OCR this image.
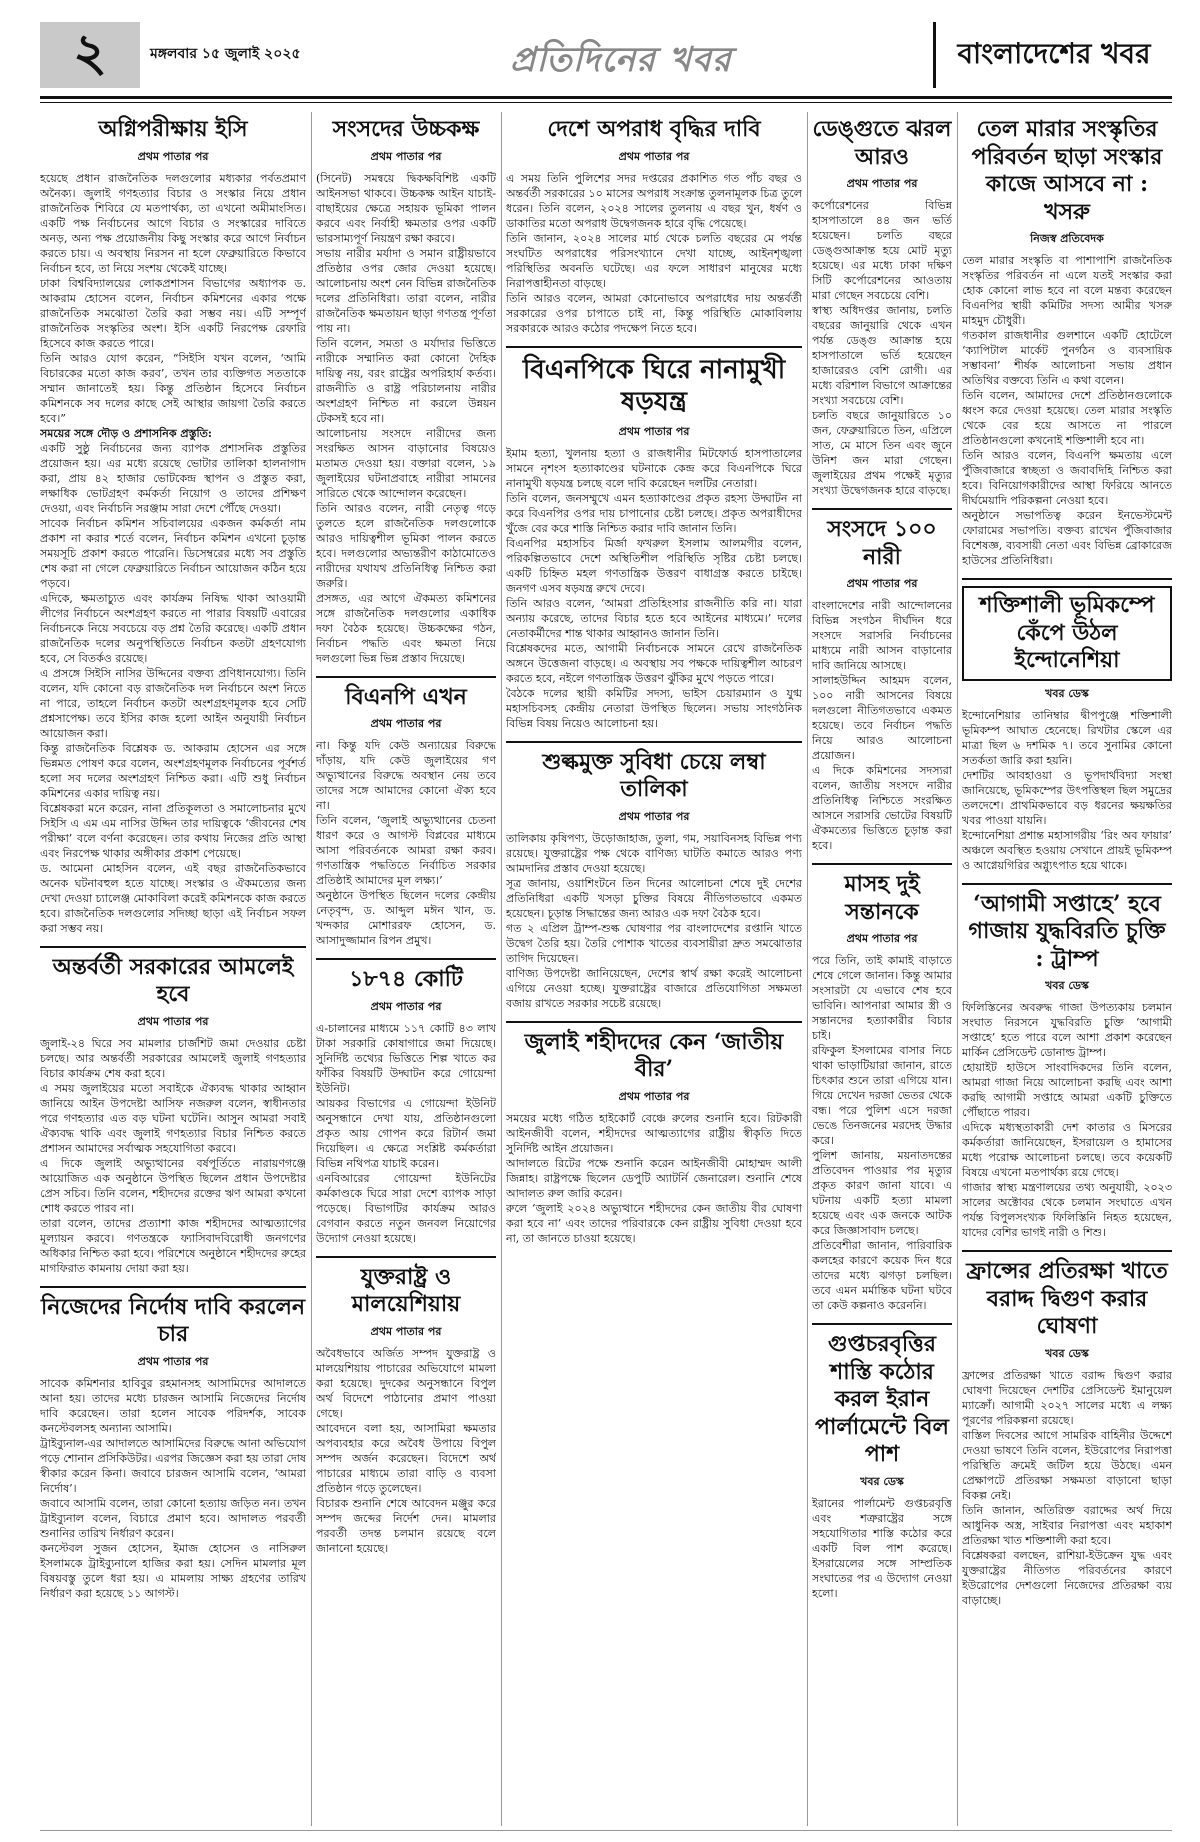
২	মঙ্গলবার ১৫ জুলাই ২০২৫	প্রতিদিনের খবর	বাংলাদেশের খবর
অগ্নিপরীক্ষায় ইসি
প্রথম পাতার পর

হয়েছে প্রধান রাজনৈতিক দলগুলোর মধ্যকার পর্বতপ্রমাণ অনৈক্য। জুলাই গণহত্যার বিচার ও সংস্কার নিয়ে প্রধান রাজনৈতিক শিবিরে যে মতপার্থক্য, তা এখনো অমীমাংসিত। একটি পক্ষ নির্বাচনের আগে বিচার ও সংস্কারের দাবিতে অনড়, অন্য পক্ষ প্রয়োজনীয় কিছু সংস্কার করে আগে নির্বাচন করতে চায়। এ অবস্থায় নিরসন না হলে ফেব্রুয়ারিতে কিভাবে নির্বাচন হবে, তা নিয়ে সংশয় থেকেই যাচ্ছে।

ঢাকা বিশ্ববিদ্যালয়ের লোকপ্রশাসন বিভাগের অধ্যাপক ড. আকরাম হোসেন বলেন, নির্বাচন কমিশনের একার পক্ষে রাজনৈতিক সমঝোতা তৈরি করা সম্ভব নয়। এটি সম্পূর্ণ রাজনৈতিক সংস্কৃতির অংশ। ইসি একটি নিরপেক্ষ রেফারি হিসেবে কাজ করতে পারে।

তিনি আরও যোগ করেন, “সিইসি যখন বলেন, ‘আমি বিচারকের মতো কাজ করব’, তখন তার ব্যক্তিগত সততাকে সম্মান জানাতেই হয়। কিন্তু প্রতিষ্ঠান হিসেবে নির্বাচন কমিশনকে সব দলের কাছে সেই আস্থার জায়গা তৈরি করতে হবে।”

সময়ের সঙ্গে দৌড় ও প্রশাসনিক প্রস্তুতি:

একটি সুষ্ঠু নির্বাচনের জন্য ব্যাপক প্রশাসনিক প্রস্তুতির প্রয়োজন হয়। এর মধ্যে রয়েছে ভোটার তালিকা হালনাগাদ করা, প্রায় ৪২ হাজার ভোটকেন্দ্র স্থাপন ও প্রস্তুত করা, লক্ষাধিক ভোটগ্রহণ কর্মকর্তা নিয়োগ ও তাদের প্রশিক্ষণ দেওয়া, এবং নির্বাচনি সরঞ্জাম সারা দেশে পৌঁছে দেওয়া।

সাবেক নির্বাচন কমিশন সচিবালয়ের একজন কর্মকর্তা নাম প্রকাশ না করার শর্তে বলেন, নির্বাচন কমিশন এখনো চূড়ান্ত সময়সূচি প্রকাশ করতে পারেনি। ডিসেম্বরের মধ্যে সব প্রস্তুতি শেষ করা না গেলে ফেব্রুয়ারিতে নির্বাচন আয়োজন কঠিন হয়ে পড়বে।

এদিকে, ক্ষমতাচ্যুত এবং কার্যক্রম নিষিদ্ধ থাকা আওয়ামী লীগের নির্বাচনে অংশগ্রহণ করতে না পারার বিষয়টি এবারের নির্বাচনকে নিয়ে সবচেয়ে বড় প্রশ্ন তৈরি করেছে। একটি প্রধান রাজনৈতিক দলের অনুপস্থিতিতে নির্বাচন কতটা গ্রহণযোগ্য হবে, সে বিতর্কও রয়েছে।

এ প্রসঙ্গে সিইসি নাসির উদ্দিনের বক্তব্য প্রণিধানযোগ্য। তিনি বলেন, যদি কোনো বড় রাজনৈতিক দল নির্বাচনে অংশ নিতে না পারে, তাহলে নির্বাচন কতটা অংশগ্রহণমূলক হবে সেটি প্রশ্নসাপেক্ষ। তবে ইসির কাজ হলো আইন অনুযায়ী নির্বাচন আয়োজন করা।

কিন্তু রাজনৈতিক বিশ্লেষক ড. আকরাম হোসেন এর সঙ্গে ভিন্নমত পোষণ করে বলেন, অংশগ্রহণমূলক নির্বাচনের পূর্বশর্ত হলো সব দলের অংশগ্রহণ নিশ্চিত করা। এটি শুধু নির্বাচন কমিশনের একার দায়িত্ব নয়।

বিশ্লেষকরা মনে করেন, নানা প্রতিকূলতা ও সমালোচনার মুখে সিইসি এ এম এম নাসির উদ্দিন তার দায়িত্বকে ‘জীবনের শেষ পরীক্ষা’ বলে বর্ণনা করেছেন। তার কথায় নিজের প্রতি আস্থা এবং নিরপেক্ষ থাকার অঙ্গীকার প্রকাশ পেয়েছে।

ড. আমেনা মোহসিন বলেন, এই বছর রাজনৈতিকভাবে অনেক ঘটনাবহুল হতে যাচ্ছে। সংস্কার ও ঐকমত্যের জন্য দেখা দেওয়া চ্যালেঞ্জ মোকাবিলা করেই কমিশনকে কাজ করতে হবে। রাজনৈতিক দলগুলোর সদিচ্ছা ছাড়া এই নির্বাচন সফল করা সম্ভব নয়।

অন্তর্বর্তী সরকারের আমলেই হবে
প্রথম পাতার পর

জুলাই-২৪ ঘিরে সব মামলার চার্জশিট জমা দেওয়ার চেষ্টা চলছে। আর অন্তর্বর্তী সরকারের আমলেই জুলাই গণহত্যার বিচার কার্যক্রম শেষ করা হবে।

এ সময় জুলাইয়ের মতো সবাইকে ঐক্যবদ্ধ থাকার আহ্বান জানিয়ে আইন উপদেষ্টা আসিফ নজরুল বলেন, স্বাধীনতার পরে গণহত্যার এত বড় ঘটনা ঘটেনি। আসুন আমরা সবাই ঐক্যবদ্ধ থাকি এবং জুলাই গণহত্যার বিচার নিশ্চিত করতে প্রশাসন আমাদের সর্বাত্মক সহযোগিতা করবে।

এ দিকে জুলাই অভ্যুত্থানের বর্ষপূর্তিতে নারায়ণগঞ্জে আয়োজিত এক অনুষ্ঠানে উপস্থিত ছিলেন প্রধান উপদেষ্টার প্রেস সচিব। তিনি বলেন, শহীদদের রক্তের ঋণ আমরা কখনো শোধ করতে পারব না।

তারা বলেন, তাদের প্রত্যাশা কাজ শহীদদের আত্মত্যাগের মূল্যায়ন করবে। গণতন্ত্রকে ফ্যাসিবাদবিরোধী জনগণের অধিকার নিশ্চিত করা হবে। পরিশেষে অনুষ্ঠানে শহীদদের রুহের মাগফিরাত কামনায় দোয়া করা হয়।

নিজেদের নির্দোষ দাবি করলেন চার
প্রথম পাতার পর

সাবেক কমিশনার হাবিবুর রহমানসহ আসামিদের আদালতে আনা হয়। তাদের মধ্যে চারজন আসামি নিজেদের নির্দোষ দাবি করেছেন। তারা হলেন সাবেক পরিদর্শক, সাবেক কনস্টেবলসহ অন্যান্য আসামি।

ট্রাইব্যুনাল-এর আদালতে আসামিদের বিরুদ্ধে আনা অভিযোগ পড়ে শোনান প্রসিকিউটর। এরপর জিজ্ঞেস করা হয় তারা দোষ স্বীকার করেন কিনা। জবাবে চারজন আসামি বলেন, ‘আমরা নির্দোষ’।

জবাবে আসামি বলেন, তারা কোনো হত্যায় জড়িত নন। তখন ট্রাইব্যুনাল বলেন, বিচারে প্রমাণ হবে। আদালত পরবর্তী শুনানির তারিখ নির্ধারণ করেন।

কনস্টেবল সুজন হোসেন, ইমাজ হোসেন ও নাসিরুল ইসলামকে ট্রাইব্যুনালে হাজির করা হয়। সেদিন মামলার মূল বিষয়বস্তু তুলে ধরা হয়। এ মামলায় সাক্ষ্য গ্রহণের তারিখ নির্ধারণ করা হয়েছে ১১ আগস্ট।

সংসদের উচ্চকক্ষ
প্রথম পাতার পর

(সিনেট) সমন্বয়ে দ্বিকক্ষবিশিষ্ট একটি আইনসভা থাকবে। উচ্চকক্ষ আইন যাচাই-বাছাইয়ের ক্ষেত্রে সহায়ক ভূমিকা পালন করবে এবং নির্বাহী ক্ষমতার ওপর একটি ভারসাম্যপূর্ণ নিয়ন্ত্রণ রক্ষা করবে।

সভায় নারীর মর্যাদা ও সমান রাষ্ট্রীয়ভাবে প্রতিষ্ঠার ওপর জোর দেওয়া হয়েছে। আলোচনায় অংশ নেন বিভিন্ন রাজনৈতিক দলের প্রতিনিধিরা। তারা বলেন, নারীর রাজনৈতিক ক্ষমতায়ন ছাড়া গণতন্ত্র পূর্ণতা পায় না।

তিনি বলেন, সমতা ও মর্যাদার ভিত্তিতে নারীকে সম্মানিত করা কোনো দৈহিক দায়িত্ব নয়, বরং রাষ্ট্রের অপরিহার্য কর্তব্য। রাজনীতি ও রাষ্ট্র পরিচালনায় নারীর অংশগ্রহণ নিশ্চিত না করলে উন্নয়ন টেকসই হবে না।

আলোচনায় সংসদে নারীদের জন্য সংরক্ষিত আসন বাড়ানোর বিষয়েও মতামত দেওয়া হয়। বক্তারা বলেন, ১৯ জুলাইয়ের ঘটনাপ্রবাহে নারীরা সামনের সারিতে থেকে আন্দোলন করেছেন।

তিনি আরও বলেন, নারী নেতৃত্ব গড়ে তুলতে হলে রাজনৈতিক দলগুলোকে আরও দায়িত্বশীল ভূমিকা পালন করতে হবে। দলগুলোর অভ্যন্তরীণ কাঠামোতেও নারীদের যথাযথ প্রতিনিধিত্ব নিশ্চিত করা জরুরি।

প্রসঙ্গত, এর আগে ঐকমত্য কমিশনের সঙ্গে রাজনৈতিক দলগুলোর একাধিক দফা বৈঠক হয়েছে। উচ্চকক্ষের গঠন, নির্বাচন পদ্ধতি এবং ক্ষমতা নিয়ে দলগুলো ভিন্ন ভিন্ন প্রস্তাব দিয়েছে।

বিএনপি এখন
প্রথম পাতার পর

না। কিন্তু যদি কেউ অন্যায়ের বিরুদ্ধে দাঁড়ায়, যদি কেউ জুলাইয়ের গণ অভ্যুত্থানের বিরুদ্ধে অবস্থান নেয় তবে তাদের সঙ্গে আমাদের কোনো ঐক্য হবে না।

তিনি বলেন, ‘জুলাই অভ্যুত্থানের চেতনা ধারণ করে ও আগস্ট বিপ্লবের মাধ্যমে আসা পরিবর্তনকে আমরা রক্ষা করব। গণতান্ত্রিক পদ্ধতিতে নির্বাচিত সরকার প্রতিষ্ঠাই আমাদের মূল লক্ষ্য।’

অনুষ্ঠানে উপস্থিত ছিলেন দলের কেন্দ্রীয় নেতৃবৃন্দ, ড. আব্দুল মঈন খান, ড. খন্দকার মোশাররফ হোসেন, ড. আসাদুজ্জামান রিপন প্রমুখ।

১৮৭৪ কোটি
প্রথম পাতার পর

এ-চালানের মাধ্যমে ১১৭ কোটি ৪৩ লাখ টাকা সরকারি কোষাগারে জমা দিয়েছে। সুনির্দিষ্ট তথ্যের ভিত্তিতে শিল্প খাতে কর ফাঁকির বিষয়টি উদ্ঘাটন করে গোয়েন্দা ইউনিট।

আয়কর বিভাগের এ গোয়েন্দা ইউনিট অনুসন্ধানে দেখা যায়, প্রতিষ্ঠানগুলো প্রকৃত আয় গোপন করে রিটার্ন জমা দিয়েছিল। এ ক্ষেত্রে সংশ্লিষ্ট কর্মকর্তারা বিভিন্ন নথিপত্র যাচাই করেন।

এনবিআরের গোয়েন্দা ইউনিটের কর্মকাণ্ডকে ঘিরে সারা দেশে ব্যাপক সাড়া পড়েছে। বিভাগটির কার্যক্রম আরও বেগবান করতে নতুন জনবল নিয়োগের উদ্যোগ নেওয়া হয়েছে।

যুক্তরাষ্ট্র ও মালয়েশিয়ায়
প্রথম পাতার পর

অবৈধভাবে অর্জিত সম্পদ যুক্তরাষ্ট্র ও মালয়েশিয়ায় পাচারের অভিযোগে মামলা করা হয়েছে। দুদকের অনুসন্ধানে বিপুল অর্থ বিদেশে পাঠানোর প্রমাণ পাওয়া গেছে।

আবেদনে বলা হয়, আসামিরা ক্ষমতার অপব্যবহার করে অবৈধ উপায়ে বিপুল সম্পদ অর্জন করেছেন। বিদেশে অর্থ পাচারের মাধ্যমে তারা বাড়ি ও ব্যবসা প্রতিষ্ঠান গড়ে তুলেছেন।

বিচারক শুনানি শেষে আবেদন মঞ্জুর করে সম্পদ জব্দের নির্দেশ দেন। মামলার পরবর্তী তদন্ত চলমান রয়েছে বলে জানানো হয়েছে।

দেশে অপরাধ বৃদ্ধির দাবি
প্রথম পাতার পর

এ সময় তিনি পুলিশের সদর দপ্তরের প্রকাশিত গত পাঁচ বছর ও অন্তর্বর্তী সরকারের ১০ মাসের অপরাধ সংক্রান্ত তুলনামূলক চিত্র তুলে ধরেন। তিনি বলেন, ২০২৪ সালের তুলনায় এ বছর খুন, ধর্ষণ ও ডাকাতির মতো অপরাধ উদ্বেগজনক হারে বৃদ্ধি পেয়েছে।

তিনি জানান, ২০২৪ সালের মার্চ থেকে চলতি বছরের মে পর্যন্ত সংঘটিত অপরাধের পরিসংখ্যানে দেখা যাচ্ছে, আইনশৃঙ্খলা পরিস্থিতির অবনতি ঘটেছে। এর ফলে সাধারণ মানুষের মধ্যে নিরাপত্তাহীনতা বাড়ছে।

তিনি আরও বলেন, আমরা কোনোভাবে অপরাধের দায় অন্তর্বর্তী সরকারের ওপর চাপাতে চাই না, কিন্তু পরিস্থিতি মোকাবিলায় সরকারকে আরও কঠোর পদক্ষেপ নিতে হবে।

বিএনপিকে ঘিরে নানামুখী ষড়যন্ত্র
প্রথম পাতার পর

ইমাম হত্যা, খুলনায় হত্যা ও রাজধানীর মিটফোর্ড হাসপাতালের সামনে নৃশংস হত্যাকাণ্ডের ঘটনাকে কেন্দ্র করে বিএনপিকে ঘিরে নানামুখী ষড়যন্ত্র চলছে বলে দাবি করেছেন দলটির নেতারা।

তিনি বলেন, জনসম্মুখে এমন হত্যাকাণ্ডের প্রকৃত রহস্য উদ্ঘাটন না করে বিএনপির ওপর দায় চাপানোর চেষ্টা চলছে। প্রকৃত অপরাধীদের খুঁজে বের করে শাস্তি নিশ্চিত করার দাবি জানান তিনি।

বিএনপির মহাসচিব মির্জা ফখরুল ইসলাম আলমগীর বলেন, পরিকল্পিতভাবে দেশে অস্থিতিশীল পরিস্থিতি সৃষ্টির চেষ্টা চলছে। একটি চিহ্নিত মহল গণতান্ত্রিক উত্তরণ বাধাগ্রস্ত করতে চাইছে। জনগণ এসব ষড়যন্ত্র রুখে দেবে।

তিনি আরও বলেন, ‘আমরা প্রতিহিংসার রাজনীতি করি না। যারা অন্যায় করেছে, তাদের বিচার হতে হবে আইনের মাধ্যমে।’ দলের নেতাকর্মীদের শান্ত থাকার আহ্বানও জানান তিনি।

বিশ্লেষকদের মতে, আগামী নির্বাচনকে সামনে রেখে রাজনৈতিক অঙ্গনে উত্তেজনা বাড়ছে। এ অবস্থায় সব পক্ষকে দায়িত্বশীল আচরণ করতে হবে, নইলে গণতান্ত্রিক উত্তরণ ঝুঁকির মুখে পড়তে পারে।

বৈঠকে দলের স্থায়ী কমিটির সদস্য, ভাইস চেয়ারম্যান ও যুগ্ম মহাসচিবসহ কেন্দ্রীয় নেতারা উপস্থিত ছিলেন। সভায় সাংগঠনিক বিভিন্ন বিষয় নিয়েও আলোচনা হয়।

শুল্কমুক্ত সুবিধা চেয়ে লম্বা তালিকা
প্রথম পাতার পর

তালিকায় কৃষিপণ্য, উড়োজাহাজ, তুলা, গম, সয়াবিনসহ বিভিন্ন পণ্য রয়েছে। যুক্তরাষ্ট্রের পক্ষ থেকে বাণিজ্য ঘাটতি কমাতে আরও পণ্য আমদানির প্রস্তাব দেওয়া হয়েছে।

সূত্র জানায়, ওয়াশিংটনে তিন দিনের আলোচনা শেষে দুই দেশের প্রতিনিধিরা একটি খসড়া চুক্তির বিষয়ে নীতিগতভাবে একমত হয়েছেন। চূড়ান্ত সিদ্ধান্তের জন্য আরও এক দফা বৈঠক হবে।

গত ২ এপ্রিল ট্রাম্প-শুল্ক ঘোষণার পর বাংলাদেশের রপ্তানি খাতে উদ্বেগ তৈরি হয়। তৈরি পোশাক খাতের ব্যবসায়ীরা দ্রুত সমঝোতার তাগিদ দিয়েছেন।

বাণিজ্য উপদেষ্টা জানিয়েছেন, দেশের স্বার্থ রক্ষা করেই আলোচনা এগিয়ে নেওয়া হচ্ছে। যুক্তরাষ্ট্রের বাজারে প্রতিযোগিতা সক্ষমতা বজায় রাখতে সরকার সচেষ্ট রয়েছে।

জুলাই শহীদদের কেন ‘জাতীয় বীর’
প্রথম পাতার পর

সময়ের মধ্যে গঠিত হাইকোর্ট বেঞ্চে রুলের শুনানি হবে। রিটকারী আইনজীবী বলেন, শহীদদের আত্মত্যাগের রাষ্ট্রীয় স্বীকৃতি দিতে সুনির্দিষ্ট আইন প্রয়োজন।

আদালতে রিটের পক্ষে শুনানি করেন আইনজীবী মোহাম্মদ আলী জিন্নাহ। রাষ্ট্রপক্ষে ছিলেন ডেপুটি অ্যাটর্নি জেনারেল। শুনানি শেষে আদালত রুল জারি করেন।

রুলে ‘জুলাই ২০২৪ অভ্যুত্থানে শহীদদের কেন জাতীয় বীর ঘোষণা করা হবে না’ এবং তাদের পরিবারকে কেন রাষ্ট্রীয় সুবিধা দেওয়া হবে না, তা জানতে চাওয়া হয়েছে।

ডেঙ্গুতে ঝরল আরও
প্রথম পাতার পর

কর্পোরেশনের বিভিন্ন হাসপাতালে ৪৪ জন ভর্তি হয়েছেন। চলতি বছরে ডেঙ্গুআক্রান্ত হয়ে মোট মৃত্যু হয়েছে। এর মধ্যে ঢাকা দক্ষিণ সিটি কর্পোরেশনের আওতায় মারা গেছেন সবচেয়ে বেশি।

স্বাস্থ্য অধিদপ্তর জানায়, চলতি বছরের জানুয়ারি থেকে এখন পর্যন্ত ডেঙ্গু আক্রান্ত হয়ে হাসপাতালে ভর্তি হয়েছেন হাজারেরও বেশি রোগী। এর মধ্যে বরিশাল বিভাগে আক্রান্তের সংখ্যা সবচেয়ে বেশি।

চলতি বছরে জানুয়ারিতে ১০ জন, ফেব্রুয়ারিতে তিন, এপ্রিলে সাত, মে মাসে তিন এবং জুনে উনিশ জন মারা গেছেন। জুলাইয়ের প্রথম পক্ষেই মৃত্যুর সংখ্যা উদ্বেগজনক হারে বাড়ছে।

সংসদে ১০০ নারী
প্রথম পাতার পর

বাংলাদেশের নারী আন্দোলনের বিভিন্ন সংগঠন দীর্ঘদিন ধরে সংসদে সরাসরি নির্বাচনের মাধ্যমে নারী আসন বাড়ানোর দাবি জানিয়ে আসছে।

সালাহউদ্দিন আহমদ বলেন, ১০০ নারী আসনের বিষয়ে দলগুলো নীতিগতভাবে একমত হয়েছে। তবে নির্বাচন পদ্ধতি নিয়ে আরও আলোচনা প্রয়োজন।

এ দিকে কমিশনের সদস্যরা বলেন, জাতীয় সংসদে নারীর প্রতিনিধিত্ব নিশ্চিতে সংরক্ষিত আসনে সরাসরি ভোটের বিষয়টি ঐকমত্যের ভিত্তিতে চূড়ান্ত করা হবে।

মাসহ দুই সন্তানকে
প্রথম পাতার পর

পরে তিনি, তাই কামাই বাড়াতে শেষে গেলে জানান। কিন্তু আমার সংসারটা যে এভাবে শেষ হবে ভাবিনি। আপনারা আমার স্ত্রী ও সন্তানদের হত্যাকারীর বিচার চাই।

রফিকুল ইসলামের বাসার নিচে থাকা ভাড়াটিয়ারা জানান, রাতে চিৎকার শুনে তারা এগিয়ে যান। গিয়ে দেখেন দরজা ভেতর থেকে বন্ধ। পরে পুলিশ এসে দরজা ভেঙে তিনজনের মরদেহ উদ্ধার করে।

পুলিশ জানায়, ময়নাতদন্তের প্রতিবেদন পাওয়ার পর মৃত্যুর প্রকৃত কারণ জানা যাবে। এ ঘটনায় একটি হত্যা মামলা হয়েছে এবং এক জনকে আটক করে জিজ্ঞাসাবাদ চলছে।

প্রতিবেশীরা জানান, পারিবারিক কলহের কারণে কয়েক দিন ধরে তাদের মধ্যে ঝগড়া চলছিল। তবে এমন মর্মান্তিক ঘটনা ঘটবে তা কেউ কল্পনাও করেননি।

গুপ্তচরবৃত্তির শাস্তি কঠোর করল ইরান পার্লামেন্টে বিল পাশ
খবর ডেস্ক

ইরানের পার্লামেন্ট গুপ্তচরবৃত্তি এবং শত্রুরাষ্ট্রের সঙ্গে সহযোগিতার শাস্তি কঠোর করে একটি বিল পাশ করেছে। ইসরায়েলের সঙ্গে সাম্প্রতিক সংঘাতের পর এ উদ্যোগ নেওয়া হলো।

তেল মারার সংস্কৃতির পরিবর্তন ছাড়া সংস্কার কাজে আসবে না : খসরু
নিজস্ব প্রতিবেদক

তেল মারার সংস্কৃতি বা পাশাপাশি রাজনৈতিক সংস্কৃতির পরিবর্তন না এলে যতই সংস্কার করা হোক কোনো লাভ হবে না বলে মন্তব্য করেছেন বিএনপির স্থায়ী কমিটির সদস্য আমীর খসরু মাহমুদ চৌধুরী।

গতকাল রাজধানীর গুলশানে একটি হোটেলে ‘ক্যাপিটাল মার্কেট পুনর্গঠন ও ব্যবসায়িক সম্ভাবনা’ শীর্ষক আলোচনা সভায় প্রধান অতিথির বক্তব্যে তিনি এ কথা বলেন।

তিনি বলেন, আমাদের দেশে প্রতিষ্ঠানগুলোকে ধ্বংস করে দেওয়া হয়েছে। তেল মারার সংস্কৃতি থেকে বের হয়ে আসতে না পারলে প্রতিষ্ঠানগুলো কখনোই শক্তিশালী হবে না।

তিনি আরও বলেন, বিএনপি ক্ষমতায় এলে পুঁজিবাজারে স্বচ্ছতা ও জবাবদিহি নিশ্চিত করা হবে। বিনিয়োগকারীদের আস্থা ফিরিয়ে আনতে দীর্ঘমেয়াদি পরিকল্পনা নেওয়া হবে।

অনুষ্ঠানে সভাপতিত্ব করেন ইনভেস্টমেন্ট ফোরামের সভাপতি। বক্তব্য রাখেন পুঁজিবাজার বিশেষজ্ঞ, ব্যবসায়ী নেতা এবং বিভিন্ন ব্রোকারেজ হাউসের প্রতিনিধিরা।

শক্তিশালী ভূমিকম্পে কেঁপে উঠল ইন্দোনেশিয়া
খবর ডেস্ক

ইন্দোনেশিয়ার তানিম্বার দ্বীপপুঞ্জে শক্তিশালী ভূমিকম্প আঘাত হেনেছে। রিখটার স্কেলে এর মাত্রা ছিল ৬ দশমিক ৭। তবে সুনামির কোনো সতর্কতা জারি করা হয়নি।

দেশটির আবহাওয়া ও ভূপদার্থবিদ্যা সংস্থা জানিয়েছে, ভূমিকম্পের উৎপত্তিস্থল ছিল সমুদ্রের তলদেশে। প্রাথমিকভাবে বড় ধরনের ক্ষয়ক্ষতির খবর পাওয়া যায়নি।

ইন্দোনেশিয়া প্রশান্ত মহাসাগরীয় ‘রিং অব ফায়ার’ অঞ্চলে অবস্থিত হওয়ায় সেখানে প্রায়ই ভূমিকম্প ও আগ্নেয়গিরির অগ্ন্যুৎপাত হয়ে থাকে।

‘আগামী সপ্তাহে’ হবে গাজায় যুদ্ধবিরতি চুক্তি : ট্রাম্প
খবর ডেস্ক

ফিলিস্তিনের অবরুদ্ধ গাজা উপত্যকায় চলমান সংঘাত নিরসনে যুদ্ধবিরতি চুক্তি ‘আগামী সপ্তাহে’ হতে পারে বলে আশা প্রকাশ করেছেন মার্কিন প্রেসিডেন্ট ডোনাল্ড ট্রাম্প।

হোয়াইট হাউসে সাংবাদিকদের তিনি বলেন, আমরা গাজা নিয়ে আলোচনা করছি এবং আশা করছি আগামী সপ্তাহে আমরা একটি চুক্তিতে পৌঁছাতে পারব।

এদিকে মধ্যস্থতাকারী দেশ কাতার ও মিসরের কর্মকর্তারা জানিয়েছেন, ইসরায়েল ও হামাসের মধ্যে পরোক্ষ আলোচনা চলছে। তবে কয়েকটি বিষয়ে এখনো মতপার্থক্য রয়ে গেছে।

গাজার স্বাস্থ্য মন্ত্রণালয়ের তথ্য অনুযায়ী, ২০২৩ সালের অক্টোবর থেকে চলমান সংঘাতে এখন পর্যন্ত বিপুলসংখ্যক ফিলিস্তিনি নিহত হয়েছেন, যাদের বেশির ভাগই নারী ও শিশু।

ফ্রান্সের প্রতিরক্ষা খাতে বরাদ্দ দ্বিগুণ করার ঘোষণা
খবর ডেস্ক

ফ্রান্সের প্রতিরক্ষা খাতে বরাদ্দ দ্বিগুণ করার ঘোষণা দিয়েছেন দেশটির প্রেসিডেন্ট ইমানুয়েল ম্যাক্রোঁ। আগামী ২০২৭ সালের মধ্যে এ লক্ষ্য পূরণের পরিকল্পনা রয়েছে।

বাস্তিল দিবসের আগে সামরিক বাহিনীর উদ্দেশে দেওয়া ভাষণে তিনি বলেন, ইউরোপের নিরাপত্তা পরিস্থিতি ক্রমেই জটিল হয়ে উঠছে। এমন প্রেক্ষাপটে প্রতিরক্ষা সক্ষমতা বাড়ানো ছাড়া বিকল্প নেই।

তিনি জানান, অতিরিক্ত বরাদ্দের অর্থ দিয়ে আধুনিক অস্ত্র, সাইবার নিরাপত্তা এবং মহাকাশ প্রতিরক্ষা খাত শক্তিশালী করা হবে।

বিশ্লেষকরা বলছেন, রাশিয়া-ইউক্রেন যুদ্ধ এবং যুক্তরাষ্ট্রের নীতিগত পরিবর্তনের কারণে ইউরোপের দেশগুলো নিজেদের প্রতিরক্ষা ব্যয় বাড়াচ্ছে।
